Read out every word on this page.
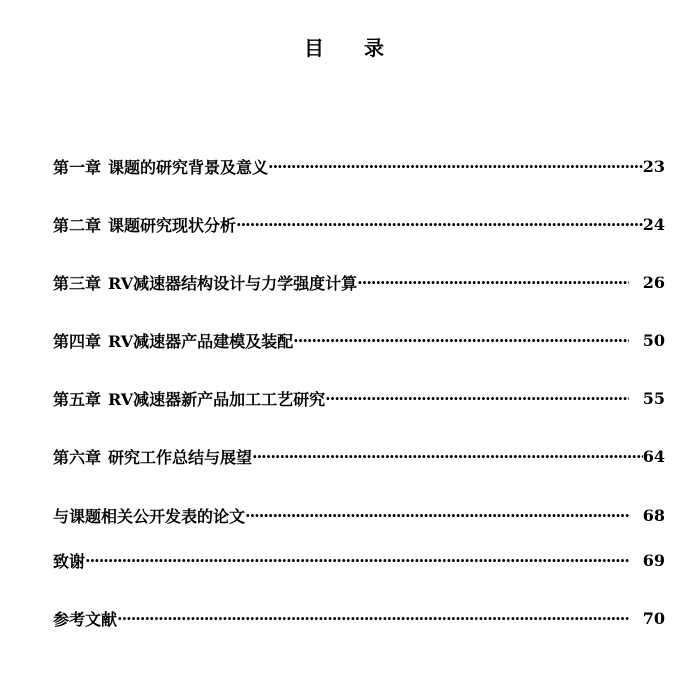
目 录
第一章 课题的研究背景及意义 ·····	23
第二章 课题研究现状分析 ·····	24
第三章 RV减速器结构设计与力学强度计算 ·····	26
第四章 RV减速器产品建模及装配 ·····	50
第五章 RV减速器新产品加工工艺研究 ·····	55
第六章 研究工作总结与展望 ·····	64
与课题相关公开发表的论文 ·····	68
致谢 ·····	69
参考文献 ·····	70
